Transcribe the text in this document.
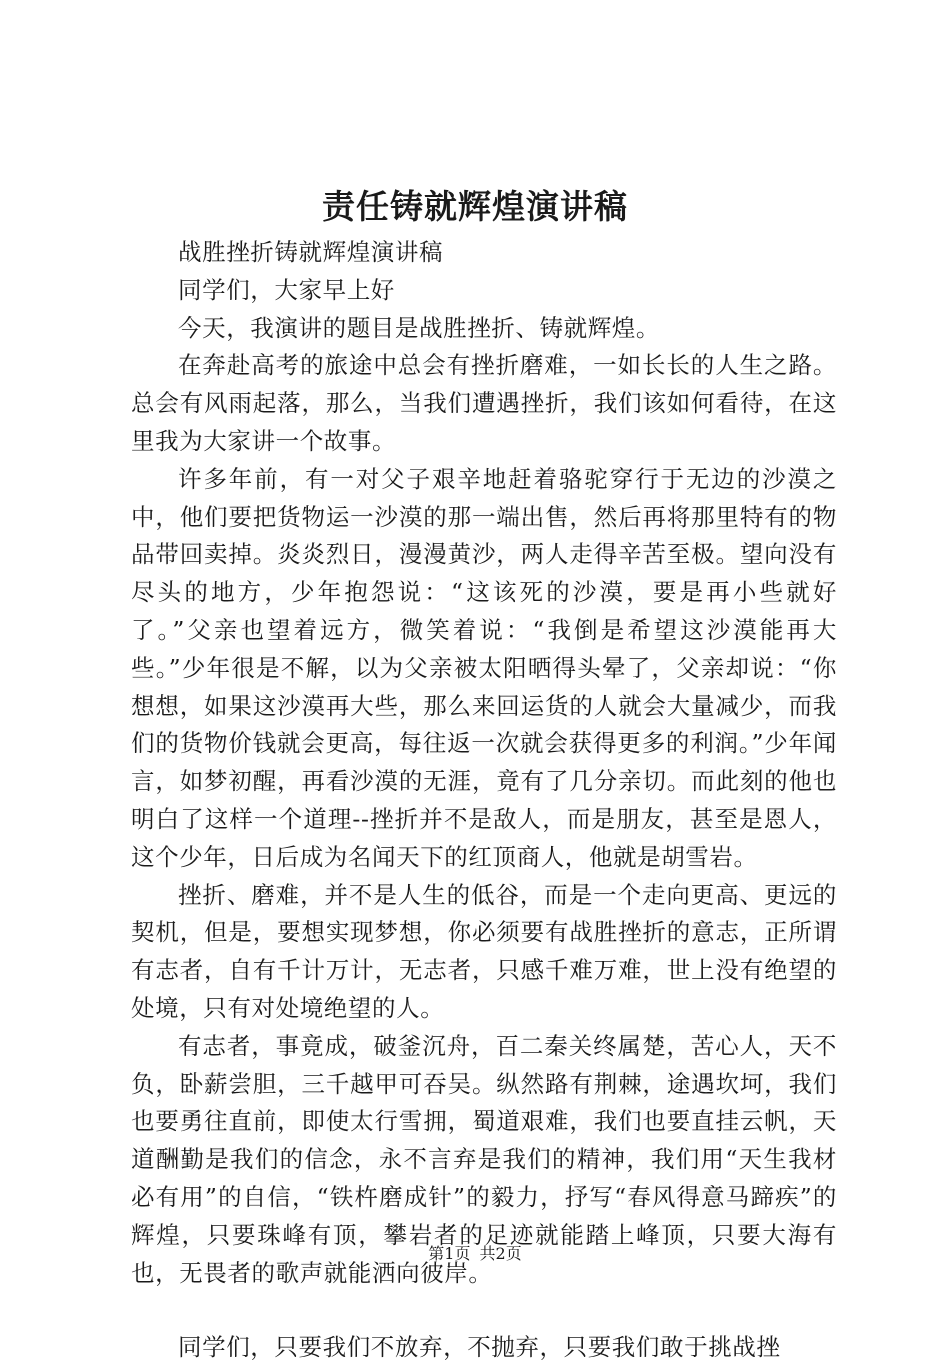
责任铸就辉煌演讲稿

战胜挫折铸就辉煌演讲稿

同学们，大家早上好

今天，我演讲的题目是战胜挫折、铸就辉煌。

在奔赴高考的旅途中总会有挫折磨难，一如长长的人生之路。总会有风雨起落，那么，当我们遭遇挫折，我们该如何看待，在这里我为大家讲一个故事。

许多年前，有一对父子艰辛地赶着骆驼穿行于无边的沙漠之中，他们要把货物运一沙漠的那一端出售，然后再将那里特有的物品带回卖掉。炎炎烈日，漫漫黄沙，两人走得辛苦至极。望向没有尽头的地方，少年抱怨说：“这该死的沙漠，要是再小些就好了。”父亲也望着远方，微笑着说：“我倒是希望这沙漠能再大些。”少年很是不解，以为父亲被太阳晒得头晕了，父亲却说：“你想想，如果这沙漠再大些，那么来回运货的人就会大量减少，而我们的货物价钱就会更高，每往返一次就会获得更多的利润。”少年闻言，如梦初醒，再看沙漠的无涯，竟有了几分亲切。而此刻的他也明白了这样一个道理--挫折并不是敌人，而是朋友，甚至是恩人，这个少年，日后成为名闻天下的红顶商人，他就是胡雪岩。

挫折、磨难，并不是人生的低谷，而是一个走向更高、更远的契机，但是，要想实现梦想，你必须要有战胜挫折的意志，正所谓有志者，自有千计万计，无志者，只感千难万难，世上没有绝望的处境，只有对处境绝望的人。

有志者，事竟成，破釜沉舟，百二秦关终属楚，苦心人，天不负，卧薪尝胆，三千越甲可吞吴。纵然路有荆棘，途遇坎坷，我们也要勇往直前，即使太行雪拥，蜀道艰难，我们也要直挂云帆，天道酬勤是我们的信念，永不言弃是我们的精神，我们用“天生我材必有用”的自信，“铁杵磨成针”的毅力，抒写“春风得意马蹄疾”的辉煌，只要珠峰有顶，攀岩者的足迹就能踏上峰顶，只要大海有也，无畏者的歌声就能洒向彼岸。

同学们，只要我们不放弃，不抛弃，只要我们敢于挑战挫

第1页 共2页
